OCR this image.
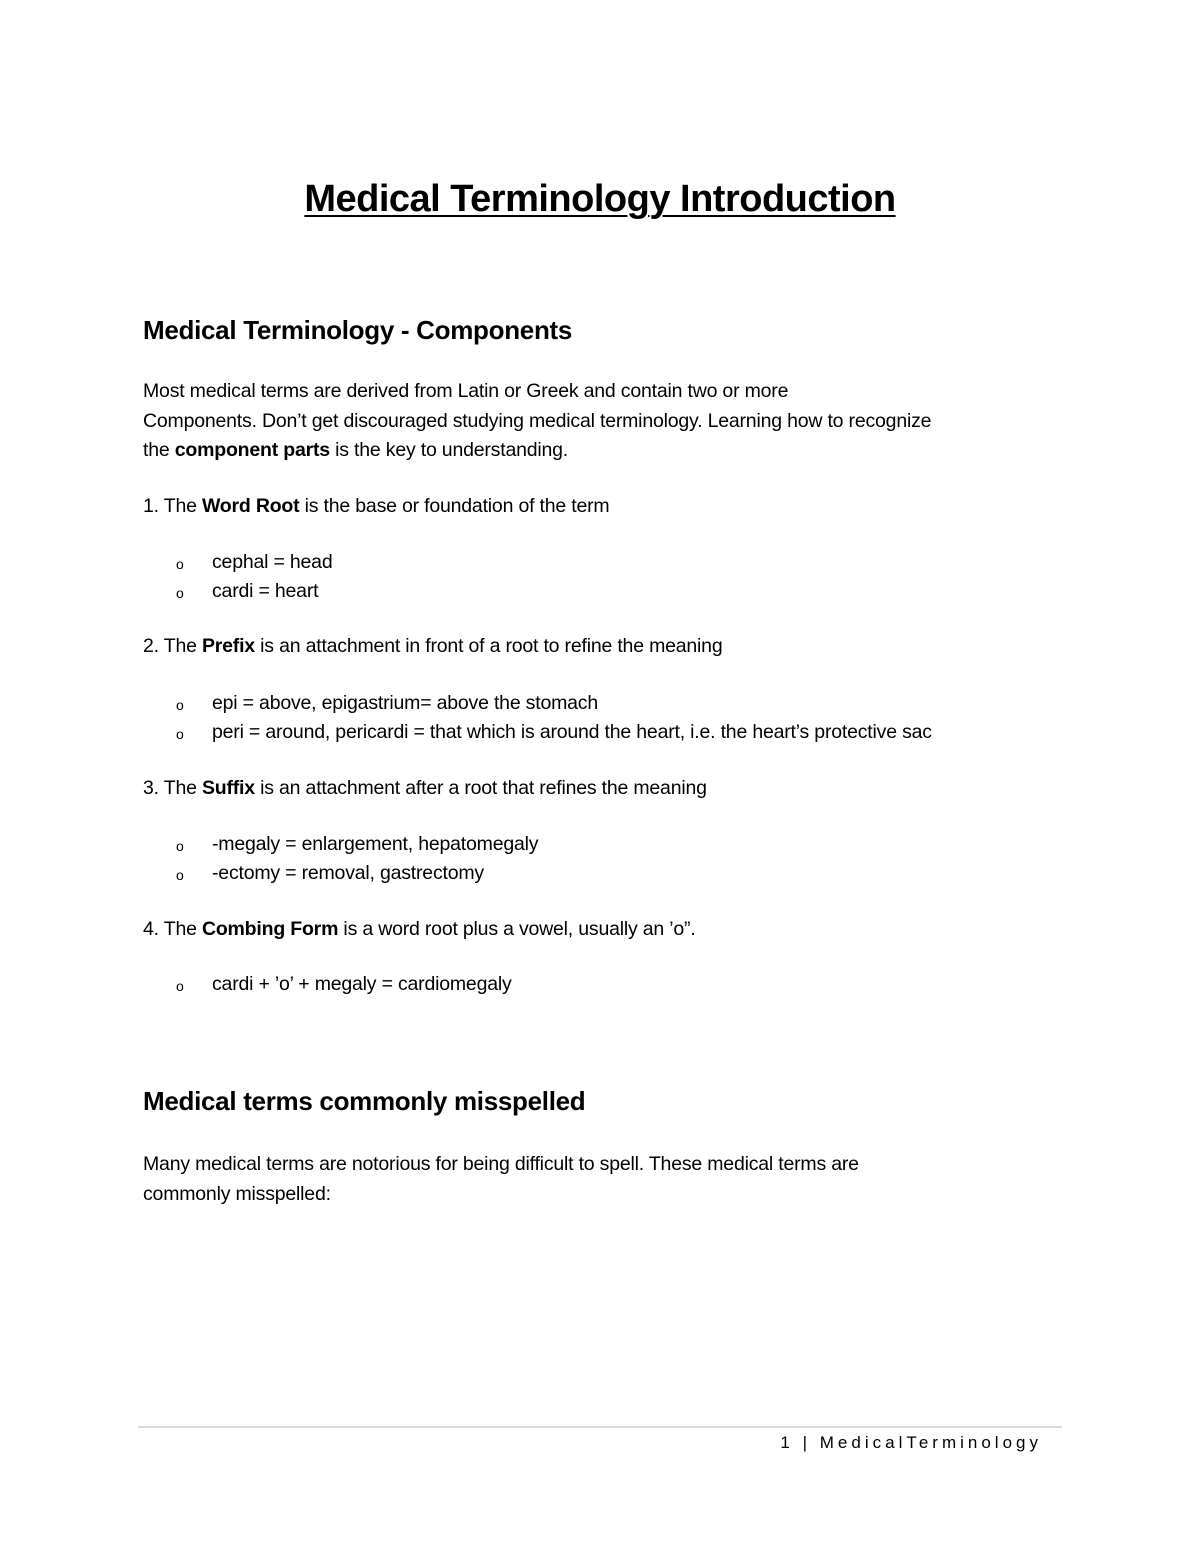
Medical Terminology Introduction
Medical Terminology - Components
Most medical terms are derived from Latin or Greek and contain two or more
Components. Don’t get discouraged studying medical terminology. Learning how to recognize
the component parts is the key to understanding.
1. The Word Root is the base or foundation of the term
o cephal = head
o cardi = heart
2. The Prefix is an attachment in front of a root to refine the meaning
o epi = above, epigastrium= above the stomach
o peri = around, pericardi = that which is around the heart, i.e. the heart’s protective sac
3. The Suffix is an attachment after a root that refines the meaning
o -megaly = enlargement, hepatomegaly
o -ectomy = removal, gastrectomy
4. The Combing Form is a word root plus a vowel, usually an ’o”.
o cardi + ’o’ + megaly = cardiomegaly
Medical terms commonly misspelled
Many medical terms are notorious for being difficult to spell. These medical terms are
commonly misspelled:
1 | MedicalTerminology
